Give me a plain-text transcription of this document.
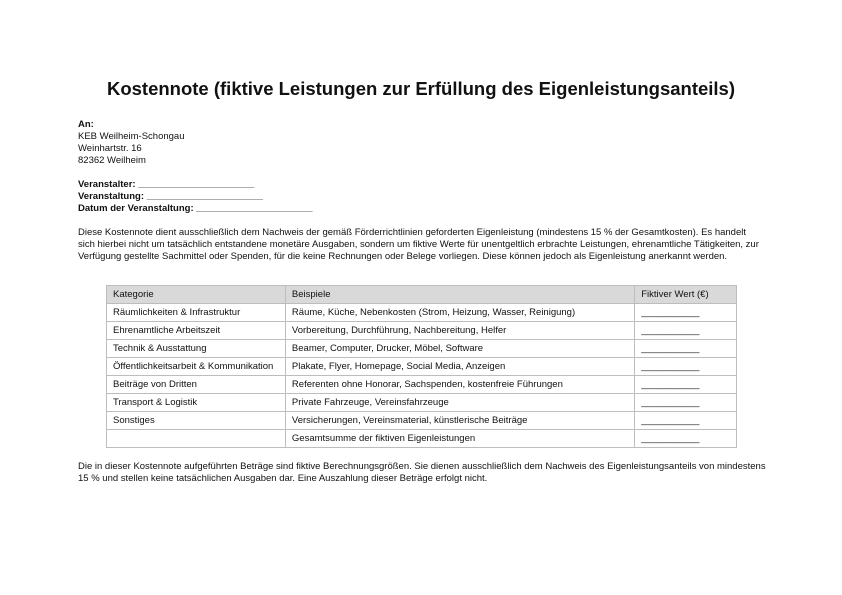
Kostennote (fiktive Leistungen zur Erfüllung des Eigenleistungsanteils)
An:
KEB Weilheim-Schongau
Weinhartstr. 16
82362 Weilheim
Veranstalter: ______________________
Veranstaltung: ______________________
Datum der Veranstaltung: ______________________
Diese Kostennote dient ausschließlich dem Nachweis der gemäß Förderrichtlinien geforderten Eigenleistung (mindestens 15 % der Gesamtkosten). Es handelt sich hierbei nicht um tatsächlich entstandene monetäre Ausgaben, sondern um fiktive Werte für unentgeltlich erbrachte Leistungen, ehrenamtliche Tätigkeiten, zur Verfügung gestellte Sachmittel oder Spenden, für die keine Rechnungen oder Belege vorliegen. Diese können jedoch als Eigenleistung anerkannt werden.
Kategorie	Beispiele	Fiktiver Wert (€)
Räumlichkeiten & Infrastruktur	Räume, Küche, Nebenkosten (Strom, Heizung, Wasser, Reinigung)	___________
Ehrenamtliche Arbeitszeit	Vorbereitung, Durchführung, Nachbereitung, Helfer	___________
Technik & Ausstattung	Beamer, Computer, Drucker, Möbel, Software	___________
Öffentlichkeitsarbeit & Kommunikation	Plakate, Flyer, Homepage, Social Media, Anzeigen	___________
Beiträge von Dritten	Referenten ohne Honorar, Sachspenden, kostenfreie Führungen	___________
Transport & Logistik	Private Fahrzeuge, Vereinsfahrzeuge	___________
Sonstiges	Versicherungen, Vereinsmaterial, künstlerische Beiträge	___________
	Gesamtsumme der fiktiven Eigenleistungen	___________
Die in dieser Kostennote aufgeführten Beträge sind fiktive Berechnungsgrößen. Sie dienen ausschließlich dem Nachweis des Eigenleistungsanteils von mindestens 15 % und stellen keine tatsächlichen Ausgaben dar. Eine Auszahlung dieser Beträge erfolgt nicht.
